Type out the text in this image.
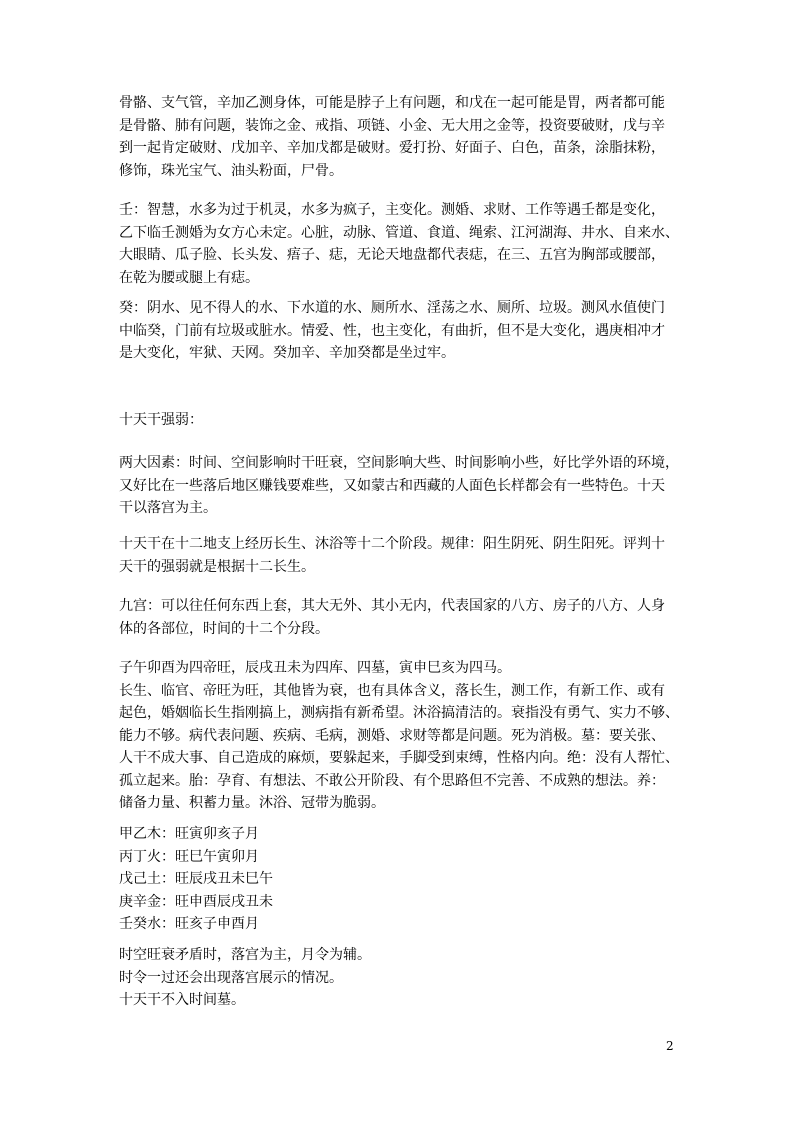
骨骼、支气管，辛加乙测身体，可能是脖子上有问题，和戊在一起可能是胃，两者都可能
是骨骼、肺有问题，装饰之金、戒指、项链、小金、无大用之金等，投资要破财，戊与辛
到一起肯定破财、戊加辛、辛加戊都是破财。爱打扮、好面子、白色，苗条，涂脂抹粉，
修饰，珠光宝气、油头粉面，尸骨。
壬：智慧，水多为过于机灵，水多为疯子，主变化。测婚、求财、工作等遇壬都是变化，
乙下临壬测婚为女方心未定。心脏，动脉、管道、食道、绳索、江河湖海、井水、自来水、
大眼睛、瓜子脸、长头发、痦子、痣，无论天地盘都代表痣，在三、五宫为胸部或腰部，
在乾为腰或腿上有痣。
癸：阴水、见不得人的水、下水道的水、厕所水、淫荡之水、厕所、垃圾。测风水值使门
中临癸，门前有垃圾或脏水。情爱、性，也主变化，有曲折，但不是大变化，遇庚相冲才
是大变化，牢狱、天网。癸加辛、辛加癸都是坐过牢。
十天干强弱：
两大因素：时间、空间影响时干旺衰，空间影响大些、时间影响小些，好比学外语的环境，
又好比在一些落后地区赚钱要难些，又如蒙古和西藏的人面色长样都会有一些特色。十天
干以落宫为主。
十天干在十二地支上经历长生、沐浴等十二个阶段。规律：阳生阴死、阴生阳死。评判十
天干的强弱就是根据十二长生。
九宫：可以往任何东西上套，其大无外、其小无内，代表国家的八方、房子的八方、人身
体的各部位，时间的十二个分段。
子午卯酉为四帝旺，辰戌丑未为四库、四墓，寅申巳亥为四马。
长生、临官、帝旺为旺，其他皆为衰，也有具体含义，落长生，测工作，有新工作、或有
起色，婚姻临长生指刚搞上，测病指有新希望。沐浴搞清洁的。衰指没有勇气、实力不够、
能力不够。病代表问题、疾病、毛病，测婚、求财等都是问题。死为消极。墓：要关张、
人干不成大事、自己造成的麻烦，要躲起来，手脚受到束缚，性格内向。绝：没有人帮忙、
孤立起来。胎：孕育、有想法、不敢公开阶段、有个思路但不完善、不成熟的想法。养：
储备力量、积蓄力量。沐浴、冠带为脆弱。
甲乙木：旺寅卯亥子月
丙丁火：旺巳午寅卯月
戊己土：旺辰戌丑未巳午
庚辛金：旺申酉辰戌丑未
壬癸水：旺亥子申酉月
时空旺衰矛盾时，落宫为主，月令为辅。
时令一过还会出现落宫展示的情况。
十天干不入时间墓。
2
